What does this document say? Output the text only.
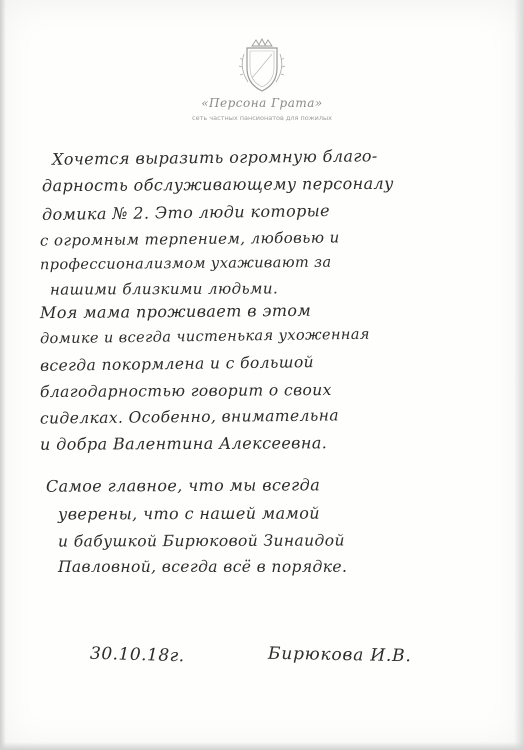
«Персона Грата»
сеть частных пансионатов для пожилых
Хочется выразить огромную благо-
дарность обслуживающему персоналу
домика № 2. Это люди которые
с огромным терпением, любовью и
профессионализмом ухаживают за
нашими близкими людьми.
Моя мама проживает в этом
домике и всегда чистенькая ухоженная
всегда покормлена и с большой
благодарностью говорит о своих
сиделках. Особенно, внимательна
и добра Валентина Алексеевна.
Самое главное, что мы всегда
уверены, что с нашей мамой
и бабушкой Бирюковой Зинаидой
Павловной, всегда всё в порядке.
30.10.18г.	Бирюкова И.В.
